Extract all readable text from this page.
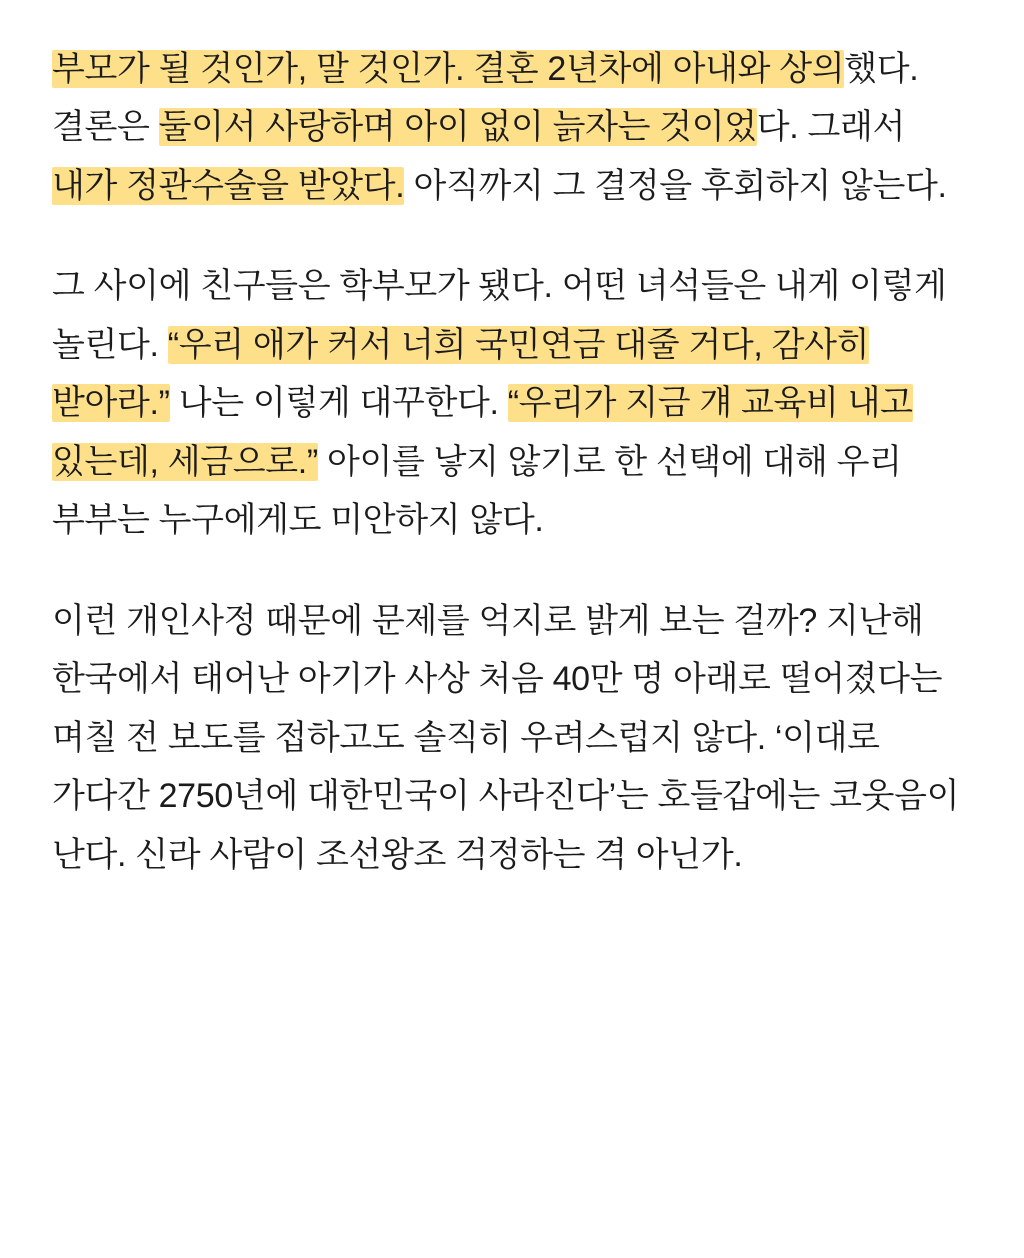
부모가 될 것인가, 말 것인가. 결혼 2년차에 아내와 상의했다. 결론은 둘이서 사랑하며 아이 없이 늙자는 것이었다. 그래서 내가 정관수술을 받았다. 아직까지 그 결정을 후회하지 않는다.

그 사이에 친구들은 학부모가 됐다. 어떤 녀석들은 내게 이렇게 놀린다. “우리 애가 커서 너희 국민연금 대줄 거다, 감사히 받아라.” 나는 이렇게 대꾸한다. “우리가 지금 걔 교육비 내고 있는데, 세금으로.” 아이를 낳지 않기로 한 선택에 대해 우리 부부는 누구에게도 미안하지 않다.

이런 개인사정 때문에 문제를 억지로 밝게 보는 걸까? 지난해 한국에서 태어난 아기가 사상 처음 40만 명 아래로 떨어졌다는 며칠 전 보도를 접하고도 솔직히 우려스럽지 않다. ‘이대로 가다간 2750년에 대한민국이 사라진다’는 호들갑에는 코웃음이 난다. 신라 사람이 조선왕조 걱정하는 격 아닌가.
